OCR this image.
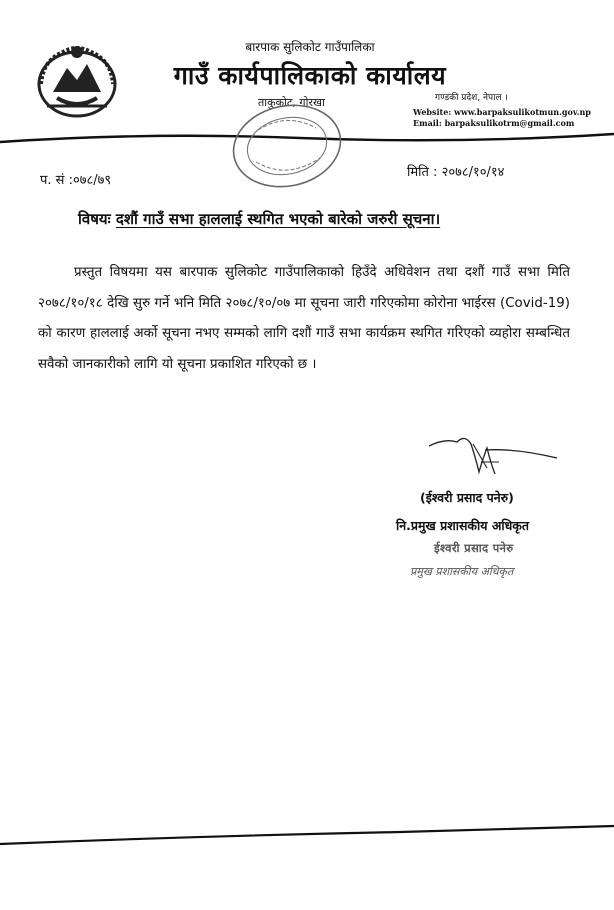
बारपाक सुलिकोट गाउँपालिका
गाउँ कार्यपालिकाको कार्यालय
ताकुकोट, गोरखा	गण्डकी प्रदेश, नेपाल ।
Website: www.barpaksulikotmun.gov.np
Email: barpaksulikotrm@gmail.com
प. सं :०७८/७९
मिति : २०७८/१०/१४
विषयः दशौं गाउँ सभा हाललाई स्थगित भएको बारेको जरुरी सूचना।
प्रस्तुत विषयमा यस बारपाक सुलिकोट गाउँपालिकाको हिउँदे अधिवेशन तथा दशौं गाउँ सभा मिति २०७८/१०/१८ देखि सुरु गर्ने भनि मिति २०७८/१०/०७ मा सूचना जारी गरिएकोमा कोरोना भाईरस (Covid-19) को कारण हाललाई अर्को सूचना नभए सम्मको लागि दशौं गाउँ सभा कार्यक्रम स्थगित गरिएको व्यहोरा सम्बन्धित सवैको जानकारीको लागि यो सूचना प्रकाशित गरिएको छ ।
(ईश्वरी प्रसाद पनेरु)
नि.प्रमुख प्रशासकीय अधिकृत
ईश्वरी प्रसाद पनेरु
प्रमुख प्रशासकीय अधिकृत
